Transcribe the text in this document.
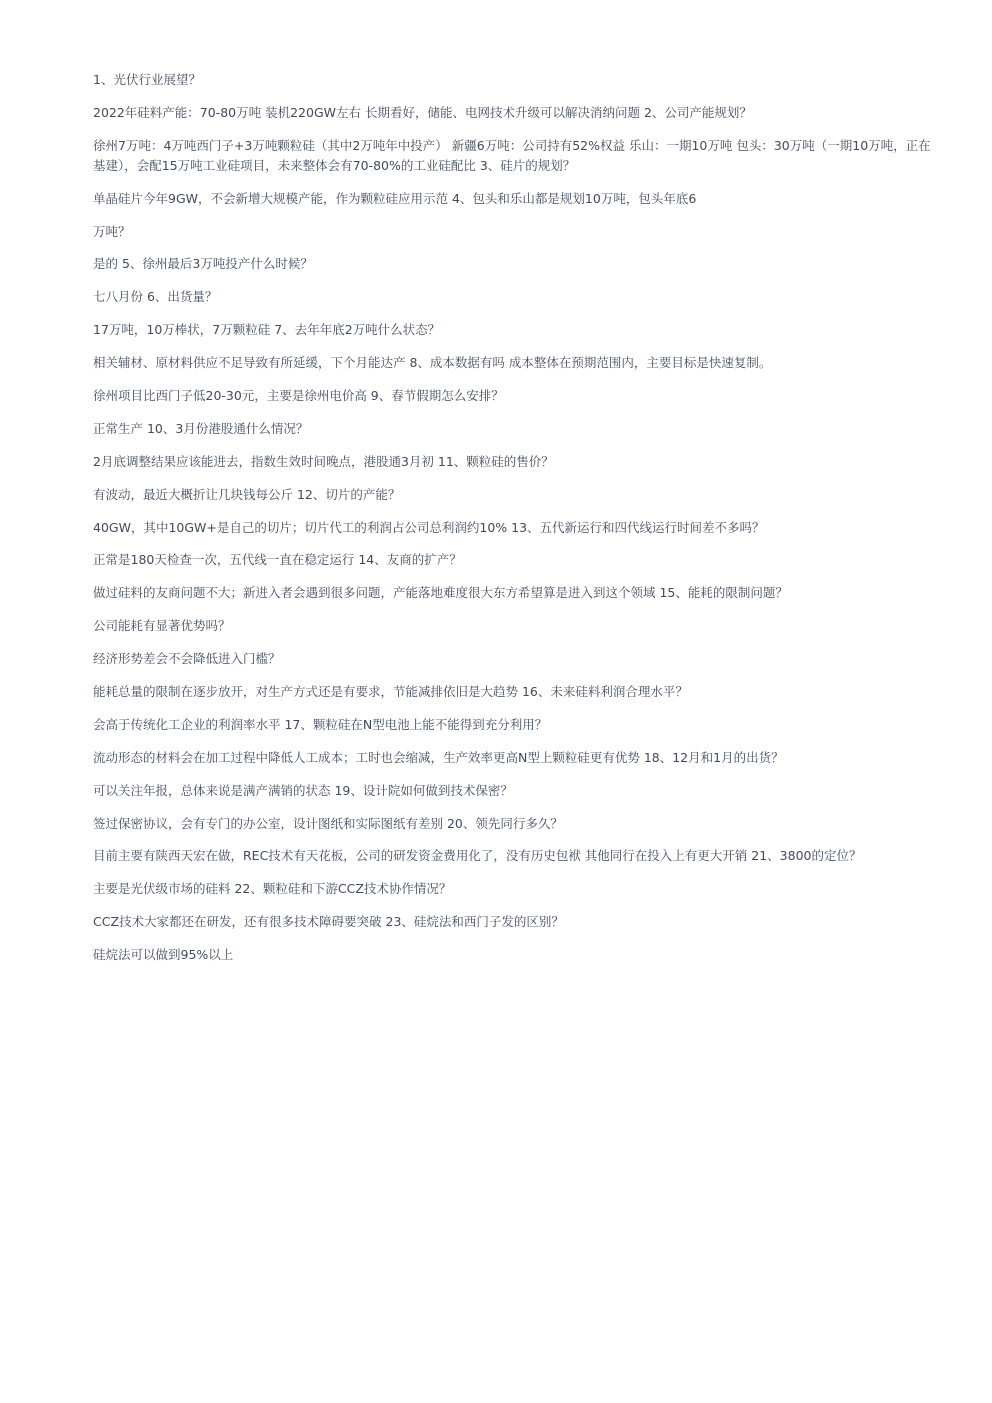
1、光伏行业展望？

2022年硅料产能：70-80万吨 装机220GW左右 长期看好，储能、电网技术升级可以解决消纳问题 2、公司产能规划？

徐州7万吨：4万吨西门子+3万吨颗粒硅（其中2万吨年中投产） 新疆6万吨：公司持有52%权益 乐山：一期10万吨 包头：30万吨（一期10万吨，正在基建），会配15万吨工业硅项目，未来整体会有70-80%的工业硅配比 3、硅片的规划？

单晶硅片今年9GW，不会新增大规模产能，作为颗粒硅应用示范 4、包头和乐山都是规划10万吨，包头年底6

万吨？

是的 5、徐州最后3万吨投产什么时候？

七八月份 6、出货量？

17万吨，10万棒状，7万颗粒硅 7、去年年底2万吨什么状态？

相关辅材、原材料供应不足导致有所延缓，下个月能达产 8、成本数据有吗 成本整体在预期范围内，主要目标是快速复制。

徐州项目比西门子低20-30元，主要是徐州电价高 9、春节假期怎么安排？

正常生产 10、3月份港股通什么情况？

2月底调整结果应该能进去，指数生效时间晚点，港股通3月初 11、颗粒硅的售价？

有波动，最近大概折让几块钱每公斤 12、切片的产能？

40GW，其中10GW+是自己的切片；切片代工的利润占公司总利润约10% 13、五代新运行和四代线运行时间差不多吗？

正常是180天检查一次，五代线一直在稳定运行 14、友商的扩产？

做过硅料的友商问题不大；新进入者会遇到很多问题，产能落地难度很大东方希望算是进入到这个领域 15、能耗的限制问题？

公司能耗有显著优势吗？

经济形势差会不会降低进入门槛？

能耗总量的限制在逐步放开，对生产方式还是有要求，节能减排依旧是大趋势 16、未来硅料利润合理水平？

会高于传统化工企业的利润率水平 17、颗粒硅在N型电池上能不能得到充分利用？

流动形态的材料会在加工过程中降低人工成本；工时也会缩减，生产效率更高N型上颗粒硅更有优势 18、12月和1月的出货？

可以关注年报，总体来说是满产满销的状态 19、设计院如何做到技术保密？

签过保密协议，会有专门的办公室，设计图纸和实际图纸有差别 20、领先同行多久？

目前主要有陕西天宏在做，REC技术有天花板，公司的研发资金费用化了，没有历史包袱 其他同行在投入上有更大开销 21、3800的定位？

主要是光伏级市场的硅料 22、颗粒硅和下游CCZ技术协作情况？

CCZ技术大家都还在研发，还有很多技术障碍要突破 23、硅烷法和西门子发的区别？

硅烷法可以做到95%以上
